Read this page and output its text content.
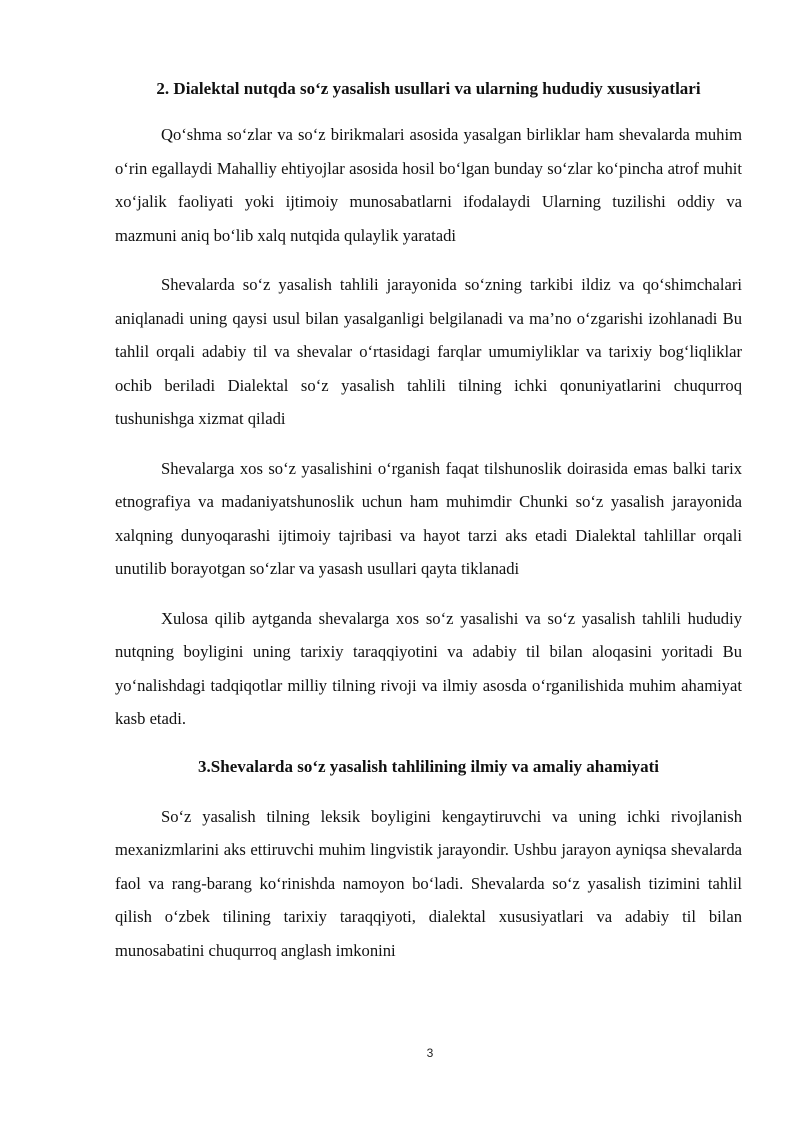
2. Dialektal nutqda so‘z yasalish usullari va ularning hududiy xususiyatlari

Qo‘shma so‘zlar va so‘z birikmalari asosida yasalgan birliklar ham shevalarda muhim o‘rin egallaydi Mahalliy ehtiyojlar asosida hosil bo‘lgan bunday so‘zlar ko‘pincha atrof muhit xo‘jalik faoliyati yoki ijtimoiy munosabatlarni ifodalaydi Ularning tuzilishi oddiy va mazmuni aniq bo‘lib xalq nutqida qulaylik yaratadi

Shevalarda so‘z yasalish tahlili jarayonida so‘zning tarkibi ildiz va qo‘shimchalari aniqlanadi uning qaysi usul bilan yasalganligi belgilanadi va ma’no o‘zgarishi izohlanadi Bu tahlil orqali adabiy til va shevalar o‘rtasidagi farqlar umumiyliklar va tarixiy bog‘liqliklar ochib beriladi Dialektal so‘z yasalish tahlili tilning ichki qonuniyatlarini chuqurroq tushunishga xizmat qiladi

Shevalarga xos so‘z yasalishini o‘rganish faqat tilshunoslik doirasida emas balki tarix etnografiya va madaniyatshunoslik uchun ham muhimdir Chunki so‘z yasalish jarayonida xalqning dunyoqarashi ijtimoiy tajribasi va hayot tarzi aks etadi Dialektal tahlillar orqali unutilib borayotgan so‘zlar va yasash usullari qayta tiklanadi

Xulosa qilib aytganda shevalarga xos so‘z yasalishi va so‘z yasalish tahlili hududiy nutqning boyligini uning tarixiy taraqqiyotini va adabiy til bilan aloqasini yoritadi Bu yo‘nalishdagi tadqiqotlar milliy tilning rivoji va ilmiy asosda o‘rganilishida muhim ahamiyat kasb etadi.

3.Shevalarda so‘z yasalish tahlilining ilmiy va amaliy ahamiyati

So‘z yasalish tilning leksik boyligini kengaytiruvchi va uning ichki rivojlanish mexanizmlarini aks ettiruvchi muhim lingvistik jarayondir. Ushbu jarayon ayniqsa shevalarda faol va rang-barang ko‘rinishda namoyon bo‘ladi. Shevalarda so‘z yasalish tizimini tahlil qilish o‘zbek tilining tarixiy taraqqiyoti, dialektal xususiyatlari va adabiy til bilan munosabatini chuqurroq anglash imkonini

3
